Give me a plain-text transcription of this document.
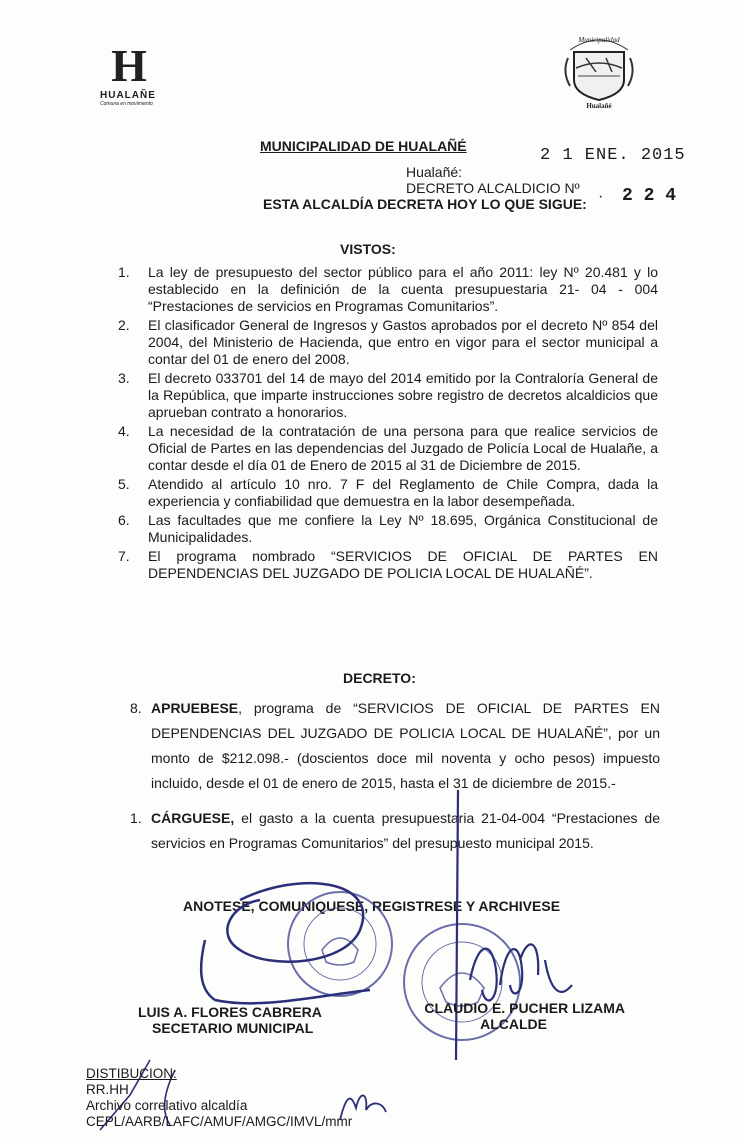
H
HUALAÑE
Comuna en movimiento
Municipalidad
Hualañé
MUNICIPALIDAD DE HUALAÑÉ	2 1 ENE. 2015
Hualañé:
DECRETO ALCALDICIO Nº · 2 2 4
ESTA ALCALDÍA DECRETA HOY LO QUE SIGUE:
VISTOS:
1. La ley de presupuesto del sector público para el año 2011: ley Nº 20.481 y lo establecido en la definición de la cuenta presupuestaria 21- 04 - 004 “Prestaciones de servicios en Programas Comunitarios”.
2. El clasificador General de Ingresos y Gastos aprobados por el decreto Nº 854 del 2004, del Ministerio de Hacienda, que entro en vigor para el sector municipal a contar del 01 de enero del 2008.
3. El decreto 033701 del 14 de mayo del 2014 emitido por la Contraloría General de la República, que imparte instrucciones sobre registro de decretos alcaldicios que aprueban contrato a honorarios.
4. La necesidad de la contratación de una persona para que realice servicios de Oficial de Partes en las dependencias del Juzgado de Policía Local de Hualañe, a contar desde el día 01 de Enero de 2015 al 31 de Diciembre de 2015.
5. Atendido al artículo 10 nro. 7 F del Reglamento de Chile Compra, dada la experiencia y confiabilidad que demuestra en la labor desempeñada.
6. Las facultades que me confiere la Ley Nº 18.695, Orgánica Constitucional de Municipalidades.
7. El programa nombrado “SERVICIOS DE OFICIAL DE PARTES EN DEPENDENCIAS DEL JUZGADO DE POLICIA LOCAL DE HUALAÑÉ”.
DECRETO:
8. APRUEBESE, programa de “SERVICIOS DE OFICIAL DE PARTES EN DEPENDENCIAS DEL JUZGADO DE POLICIA LOCAL DE HUALAÑÉ”, por un monto de $212.098.- (doscientos doce mil noventa y ocho pesos) impuesto incluido, desde el 01 de enero de 2015, hasta el 31 de diciembre de 2015.-
1. CÁRGUESE, el gasto a la cuenta presupuestaria 21-04-004 “Prestaciones de servicios en Programas Comunitarios” del presupuesto municipal 2015.
ANOTESE, COMUNIQUESE, REGISTRESE Y ARCHIVESE
LUIS A. FLORES CABRERA
SECETARIO MUNICIPAL
CLAUDIO E. PUCHER LIZAMA
ALCALDE
DISTIBUCION:
RR.HH
Archivo correlativo alcaldía
CEPL/AARB/LAFC/AMUF/AMGC/IMVL/mmr
